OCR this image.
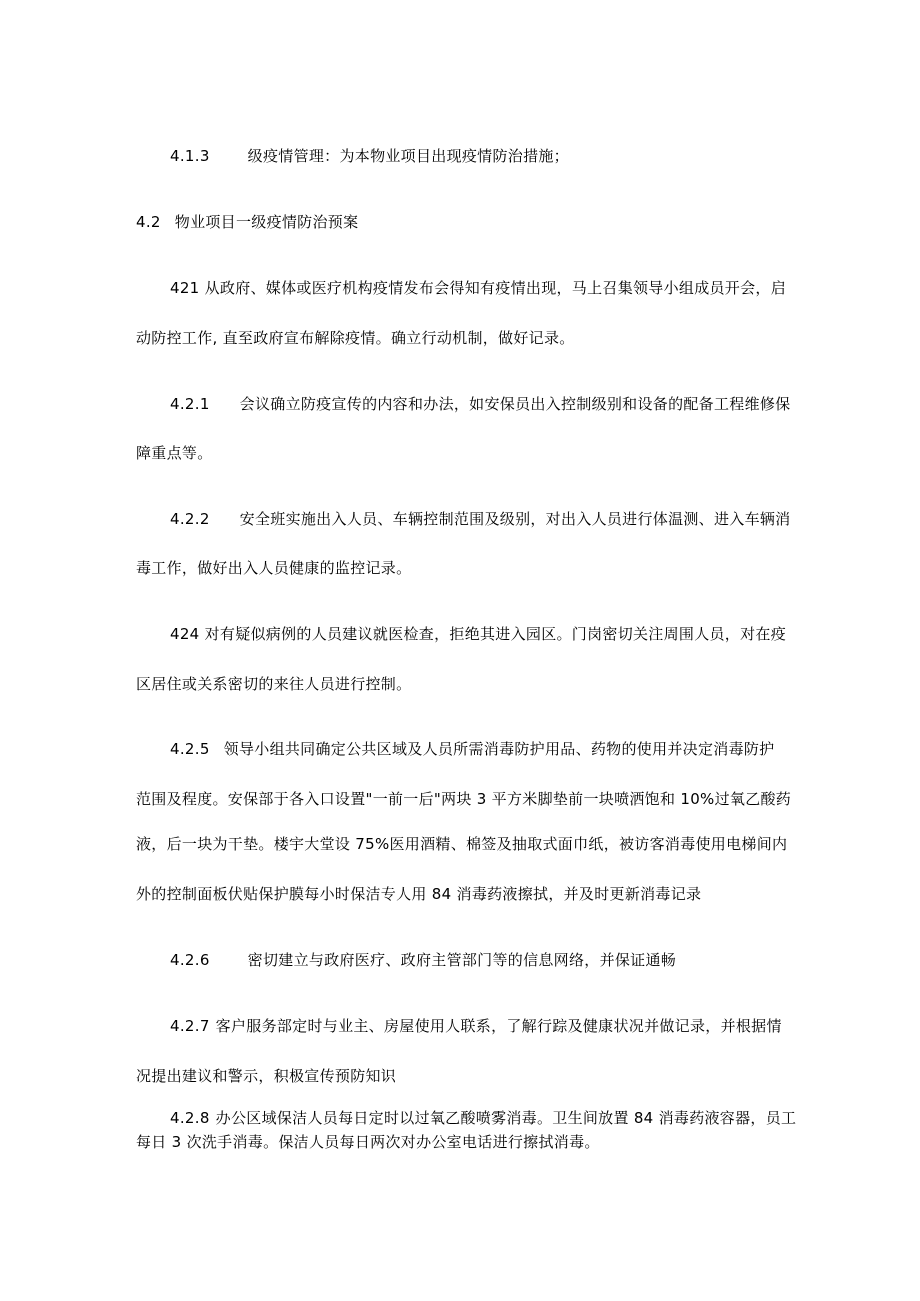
4.1.3	级疫情管理：为本物业项目出现疫情防治措施；
4.2 物业项目一级疫情防治预案
421 从政府、媒体或医疗机构疫情发布会得知有疫情出现，马上召集领导小组成员开会，启
动防控工作, 直至政府宣布解除疫情。确立行动机制，做好记录。
4.2.1 会议确立防疫宣传的内容和办法，如安保员出入控制级别和设备的配备工程维修保
障重点等。
4.2.2 安全班实施出入人员、车辆控制范围及级别，对出入人员进行体温测、进入车辆消
毒工作，做好出入人员健康的监控记录。
424 对有疑似病例的人员建议就医检查，拒绝其进入园区。门岗密切关注周围人员，对在疫
区居住或关系密切的来往人员进行控制。
4.2.5 领导小组共同确定公共区域及人员所需消毒防护用品、药物的使用并决定消毒防护
范围及程度。安保部于各入口设置"一前一后"两块 3 平方米脚垫前一块喷洒饱和 10%过氧乙酸药
液，后一块为干垫。楼宇大堂设 75%医用酒精、棉签及抽取式面巾纸，被访客消毒使用电梯间内
外的控制面板伏贴保护膜每小时保洁专人用 84 消毒药液擦拭，并及时更新消毒记录
4.2.6	密切建立与政府医疗、政府主管部门等的信息网络，并保证通畅
4.2.7 客户服务部定时与业主、房屋使用人联系，了解行踪及健康状况并做记录，并根据情
况提出建议和警示，积极宣传预防知识
4.2.8 办公区域保洁人员每日定时以过氧乙酸喷雾消毒。卫生间放置 84 消毒药液容器，员工
每日 3 次洗手消毒。保洁人员每日两次对办公室电话进行擦拭消毒。
